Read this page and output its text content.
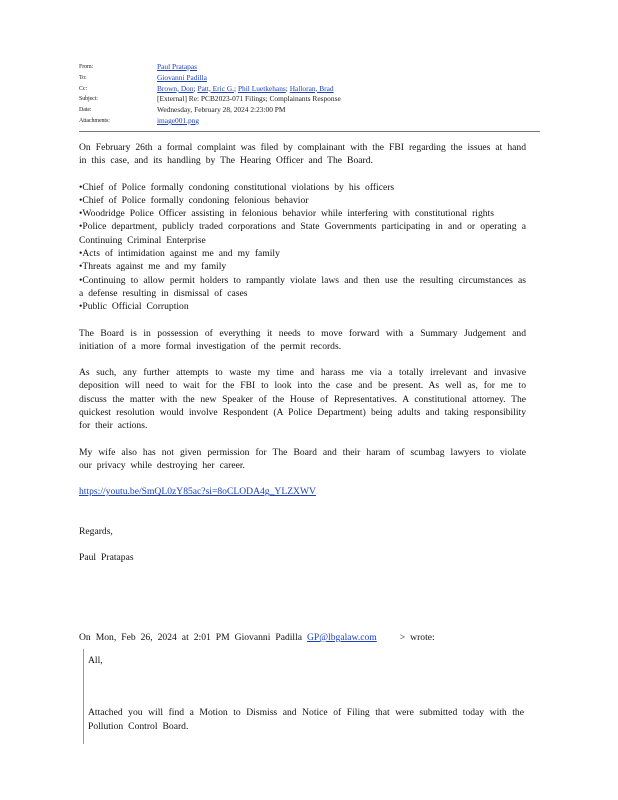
From:	Paul Pratapas
To:	Giovanni Padilla
Cc:	Brown, Don; Patt, Eric G.; Phil Luetkehans; Halloran, Brad
Subject:	[External] Re: PCB2023-071 Filings; Complainants Response
Date:	Wednesday, February 28, 2024 2:23:00 PM
Attachments:	image001.png

On February 26th a formal complaint was filed by complainant with the FBI regarding the issues at hand in this case, and its handling by The Hearing Officer and The Board.

•Chief of Police formally condoning constitutional violations by his officers
•Chief of Police formally condoning felonious behavior
•Woodridge Police Officer assisting in felonious behavior while interfering with constitutional rights
•Police department, publicly traded corporations and State Governments participating in and or operating a Continuing Criminal Enterprise
•Acts of intimidation against me and my family
•Threats against me and my family
•Continuing to allow permit holders to rampantly violate laws and then use the resulting circumstances as a defense resulting in dismissal of cases
•Public Official Corruption

The Board is in possession of everything it needs to move forward with a Summary Judgement and initiation of a more formal investigation of the permit records.

As such, any further attempts to waste my time and harass me via a totally irrelevant and invasive deposition will need to wait for the FBI to look into the case and be present. As well as, for me to discuss the matter with the new Speaker of the House of Representatives. A constitutional attorney. The quickest resolution would involve Respondent (A Police Department) being adults and taking responsibility for their actions.

My wife also has not given permission for The Board and their haram of scumbag lawyers to violate our privacy while destroying her career.

https://youtu.be/SmQL0zY85ac?si=8oCLODA4g_YLZXWV

Regards,

Paul Pratapas

On Mon, Feb 26, 2024 at 2:01 PM Giovanni Padilla GP@lbgalaw.com > wrote:

All,

Attached you will find a Motion to Dismiss and Notice of Filing that were submitted today with the Pollution Control Board.
